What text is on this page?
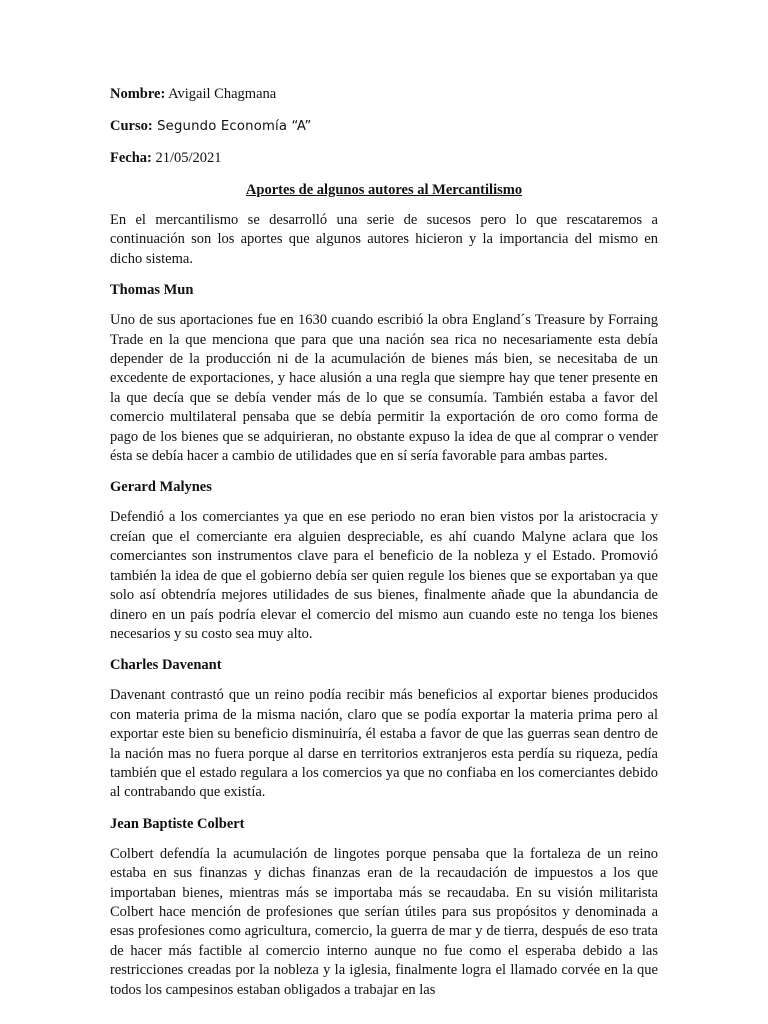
Nombre: Avigail Chagmana
Curso: Segundo Economía “A”
Fecha: 21/05/2021
Aportes de algunos autores al Mercantilismo

En el mercantilismo se desarrolló una serie de sucesos pero lo que rescataremos a continuación son los aportes que algunos autores hicieron y la importancia del mismo en dicho sistema.

Thomas Mun

Uno de sus aportaciones fue en 1630 cuando escribió la obra England´s Treasure by Forraing Trade en la que menciona que para que una nación sea rica no necesariamente esta debía depender de la producción ni de la acumulación de bienes más bien, se necesitaba de un excedente de exportaciones, y hace alusión a una regla que siempre hay que tener presente en la que decía que se debía vender más de lo que se consumía. También estaba a favor del comercio multilateral pensaba que se debía permitir la exportación de oro como forma de pago de los bienes que se adquirieran, no obstante expuso la idea de que al comprar o vender ésta se debía hacer a cambio de utilidades que en sí sería favorable para ambas partes.

Gerard Malynes

Defendió a los comerciantes ya que en ese periodo no eran bien vistos por la aristocracia y creían que el comerciante era alguien despreciable, es ahí cuando Malyne aclara que los comerciantes son instrumentos clave para el beneficio de la nobleza y el Estado. Promovió también la idea de que el gobierno debía ser quien regule los bienes que se exportaban ya que solo así obtendría mejores utilidades de sus bienes, finalmente añade que la abundancia de dinero en un país podría elevar el comercio del mismo aun cuando este no tenga los bienes necesarios y su costo sea muy alto.

Charles Davenant

Davenant contrastó que un reino podía recibir más beneficios al exportar bienes producidos con materia prima de la misma nación, claro que se podía exportar la materia prima pero al exportar este bien su beneficio disminuiría, él estaba a favor de que las guerras sean dentro de la nación mas no fuera porque al darse en territorios extranjeros esta perdía su riqueza, pedía también que el estado regulara a los comercios ya que no confiaba en los comerciantes debido al contrabando que existía.

Jean Baptiste Colbert

Colbert defendía la acumulación de lingotes porque pensaba que la fortaleza de un reino estaba en sus finanzas y dichas finanzas eran de la recaudación de impuestos a los que importaban bienes, mientras más se importaba más se recaudaba. En su visión militarista Colbert hace mención de profesiones que serían útiles para sus propósitos y denominada a esas profesiones como agricultura, comercio, la guerra de mar y de tierra, después de eso trata de hacer más factible al comercio interno aunque no fue como el esperaba debido a las restricciones creadas por la nobleza y la iglesia, finalmente logra el llamado corvée en la que todos los campesinos estaban obligados a trabajar en las
